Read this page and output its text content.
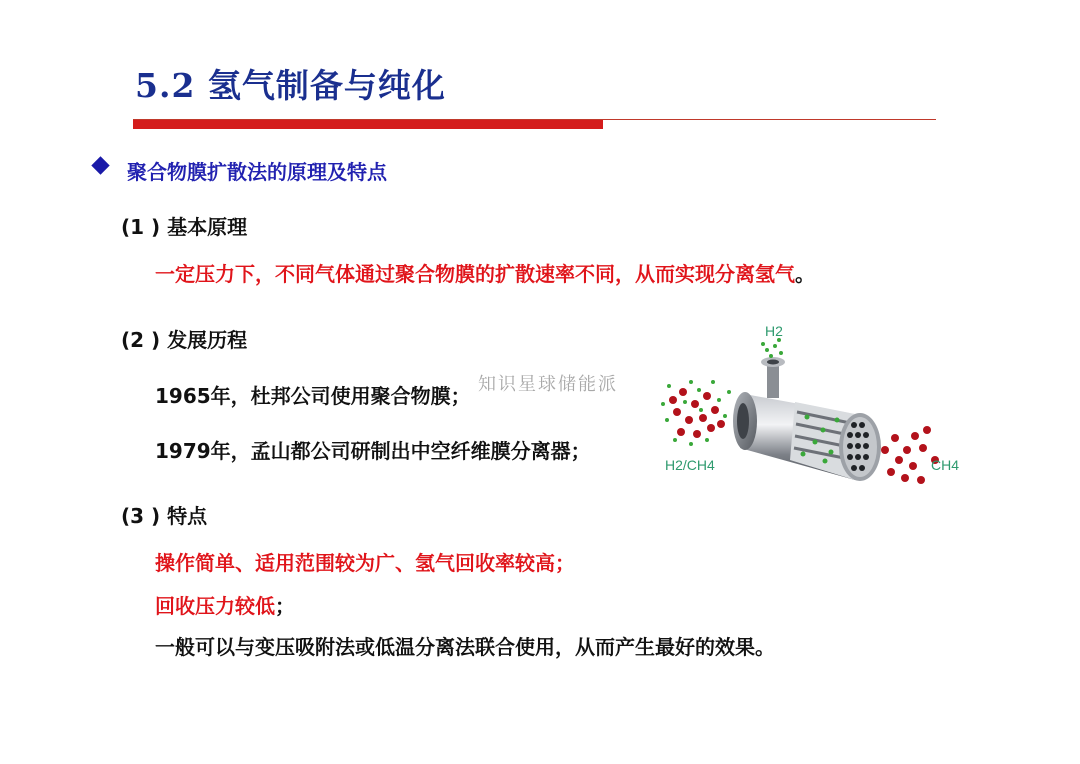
5.2 氢气制备与纯化
聚合物膜扩散法的原理及特点
(1 ) 基本原理
一定压力下，不同气体通过聚合物膜的扩散速率不同，从而实现分离氢气。
(2 ) 发展历程
1965年，杜邦公司使用聚合物膜；
1979年，孟山都公司研制出中空纤维膜分离器；
(3 ) 特点
操作简单、适用范围较为广、氢气回收率较高；
回收压力较低；
一般可以与变压吸附法或低温分离法联合使用，从而产生最好的效果。
知识星球储能派
H2
H2/CH4	CH4
